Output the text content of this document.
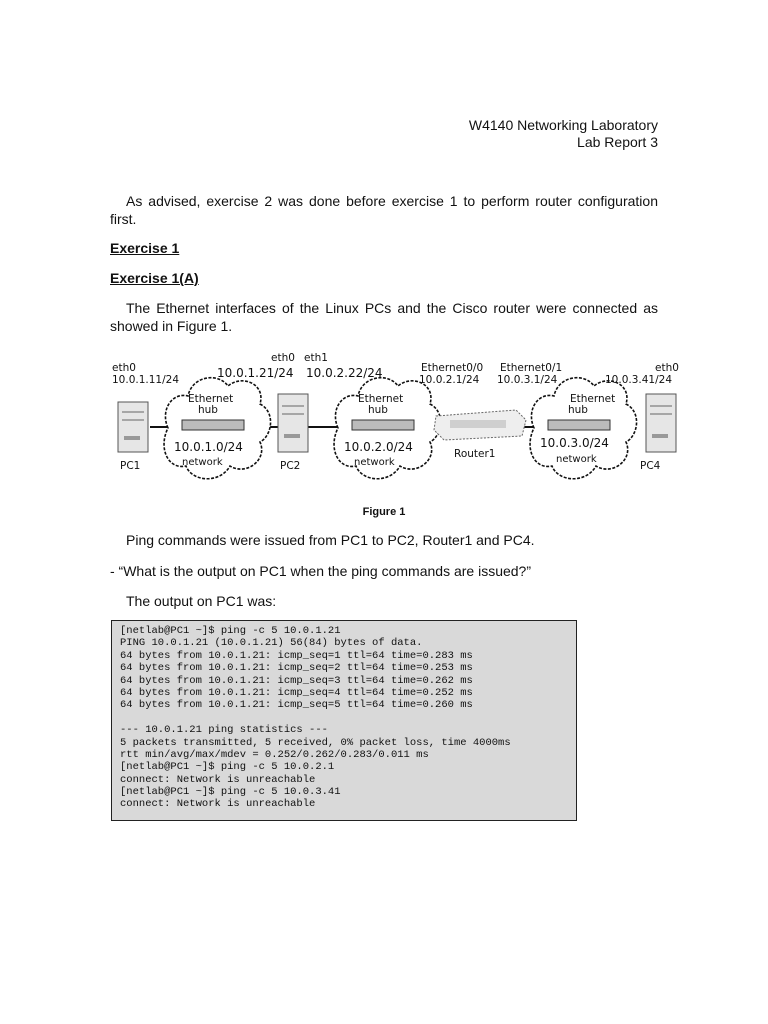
W4140 Networking Laboratory
Lab Report 3
As advised, exercise 2 was done before exercise 1 to perform router configuration
first.
Exercise 1
Exercise 1(A)
The Ethernet interfaces of the Linux PCs and the Cisco router were connected as
showed in Figure 1.
eth0
10.0.1.11/24
eth0 eth1
10.0.1.21/24 10.0.2.22/24	Ethernet0/0 Ethernet0/1
10.0.2.1/24 10.0.3.1/24
eth0
10.0.3.41/24
Ethernet
hub
10.0.1.0/24
network
Ethernet
hub
10.0.2.0/24
network
Ethernet
hub
10.0.3.0/24
network
PC1	PC2
Router1
PC4
Figure 1
Ping commands were issued from PC1 to PC2, Router1 and PC4.
- “What is the output on PC1 when the ping commands are issued?”
The output on PC1 was:
[netlab@PC1 ~]$ ping -c 5 10.0.1.21
PING 10.0.1.21 (10.0.1.21) 56(84) bytes of data.
64 bytes from 10.0.1.21: icmp_seq=1 ttl=64 time=0.283 ms
64 bytes from 10.0.1.21: icmp_seq=2 ttl=64 time=0.253 ms
64 bytes from 10.0.1.21: icmp_seq=3 ttl=64 time=0.262 ms
64 bytes from 10.0.1.21: icmp_seq=4 ttl=64 time=0.252 ms
64 bytes from 10.0.1.21: icmp_seq=5 ttl=64 time=0.260 ms
--- 10.0.1.21 ping statistics ---
5 packets transmitted, 5 received, 0% packet loss, time 4000ms
rtt min/avg/max/mdev = 0.252/0.262/0.283/0.011 ms
[netlab@PC1 ~]$ ping -c 5 10.0.2.1
connect: Network is unreachable
[netlab@PC1 ~]$ ping -c 5 10.0.3.41
connect: Network is unreachable
